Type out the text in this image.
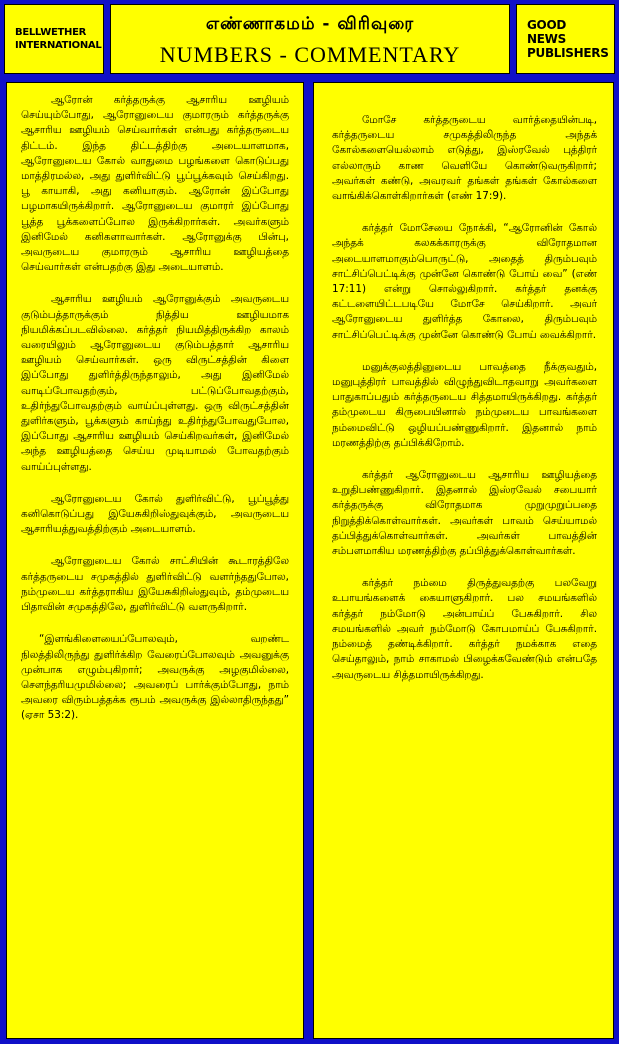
BELLWETHER
INTERNATIONAL
எண்ணாகமம் - விரிவுரை
NUMBERS - COMMENTARY
GOOD NEWS
PUBLISHERS

ஆரோன் கர்த்தருக்கு ஆசாரிய ஊழியம் செய்யும்போது, ஆரோனுடைய குமாரரும் கர்த்தருக்கு ஆசாரிய ஊழியம் செய்வார்கள் என்பது கர்த்தருடைய திட்டம். இந்த திட்டத்திற்கு அடையாளமாக, ஆரோனுடைய கோல் வாதுமை பழங்களை கொடுப்பது மாத்திரமல்ல, அது துளிர்விட்டு பூப்பூக்கவும் செய்கிறது. பூ காயாகி, அது கனியாகும். ஆரோன் இப்போது பழமாகயிருக்கிறார். ஆரோனுடைய குமாரர் இப்போது பூத்த பூக்களைப்போல இருக்கிறார்கள். அவர்களும் இனிமேல் கனிகளாவார்கள். ஆரோனுக்கு பின்பு, அவருடைய குமாரரும் ஆசாரிய ஊழியத்தை செய்வார்கள் என்பதற்கு இது அடையாளம்.

ஆசாரிய ஊழியம் ஆரோனுக்கும் அவருடைய குடும்பத்தாருக்கும் நித்திய ஊழியமாக நியமிக்கப்படவில்லை. கர்த்தர் நியமித்திருக்கிற காலம் வரையிலும் ஆரோனுடைய குடும்பத்தார் ஆசாரிய ஊழியம் செய்வார்கள். ஒரு விருட்சத்தின் கிளை இப்போது துளிர்த்திருந்தாலும், அது இனிமேல் வாடிப்போவதற்கும், பட்டுப்போவதற்கும், உதிர்ந்துபோவதற்கும் வாய்ப்புள்ளது. ஒரு விருட்சத்தின் துளிர்களும், பூக்களும் காய்ந்து உதிர்ந்துபோவதுபோல, இப்போது ஆசாரிய ஊழியம் செய்கிறவர்கள், இனிமேல் அந்த ஊழியத்தை செய்ய முடியாமல் போவதற்கும் வாய்ப்புள்ளது.

ஆரோனுடைய கோல் துளிர்விட்டு, பூப்பூத்து கனிகொடுப்பது இயேசுகிறிஸ்துவுக்கும், அவருடைய ஆசாரியத்துவத்திற்கும் அடையாளம்.

ஆரோனுடைய கோல் சாட்சியின் கூடாரத்திலே கர்த்தருடைய சமுகத்தில் துளிர்விட்டு வளர்ந்ததுபோல, நம்முடைய கர்த்தராகிய இயேசுகிறிஸ்துவும், தம்முடைய பிதாவின் சமுகத்திலே, துளிர்விட்டு வளருகிறார்.

“இளங்கிளையைப்போலவும், வறண்ட நிலத்திலிருந்து துளிர்க்கிற வேரைப்போலவும் அவனுக்கு முன்பாக எழும்புகிறார்; அவருக்கு அழகுமில்லை, சௌந்தரியமுமில்லை; அவரைப் பார்க்கும்போது, நாம் அவரை விரும்பத்தக்க ரூபம் அவருக்கு இல்லாதிருந்தது” (ஏசா 53:2).

மோசே கர்த்தருடைய வார்த்தையின்படி, கர்த்தருடைய சமுகத்திலிருந்த அந்தக் கோல்களையெல்லாம் எடுத்து, இஸ்ரவேல் புத்திரர் எல்லாரும் காண வெளியே கொண்டுவருகிறார்; அவர்கள் கண்டு, அவரவர் தங்கள் தங்கள் கோல்களை வாங்கிக்கொள்கிறார்கள் (எண் 17:9).

கர்த்தர் மோசேயை நோக்கி, “ஆரோனின் கோல் அந்தக் கலகக்காரருக்கு விரோதமான அடையாளமாகும்பொருட்டு, அதைத் திரும்பவும் சாட்சிப்பெட்டிக்கு முன்னே கொண்டு போய் வை” (எண் 17:11) என்று சொல்லுகிறார். கர்த்தர் தனக்கு கட்டளையிட்டபடியே மோசே செய்கிறார். அவர் ஆரோனுடைய துளிர்த்த கோலை, திரும்பவும் சாட்சிப்பெட்டிக்கு முன்னே கொண்டு போய் வைக்கிறார்.

மனுக்குலத்தினுடைய பாவத்தை நீக்குவதும், மனுபுத்திரர் பாவத்தில் விழுந்துவிடாதவாறு அவர்களை பாதுகாப்பதும் கர்த்தருடைய சித்தமாயிருக்கிறது. கர்த்தர் தம்முடைய கிருபையினால் நம்முடைய பாவங்களை நம்மைவிட்டு ஒழியப்பண்ணுகிறார். இதனால் நாம் மரணத்திற்கு தப்பிக்கிறோம்.

கர்த்தர் ஆரோனுடைய ஆசாரிய ஊழியத்தை உறுதிபண்ணுகிறார். இதனால் இஸ்ரவேல் சபையார் கர்த்தருக்கு விரோதமாக முறுமுறுப்பதை நிறுத்திக்கொள்வார்கள். அவர்கள் பாவம் செய்யாமல் தப்பித்துக்கொள்வார்கள். அவர்கள் பாவத்தின் சம்பளமாகிய மரணத்திற்கு தப்பித்துக்கொள்வார்கள்.

கர்த்தர் நம்மை திருத்துவதற்கு பலவேறு உபாயங்களைக் கையாளுகிறார். பல சமயங்களில் கர்த்தர் நம்மோடு அன்பாய்ப் பேசுகிறார். சில சமயங்களில் அவர் நம்மோடு கோபமாய்ப் பேசுகிறார். நம்மைத் தண்டிக்கிறார். கர்த்தர் நமக்காக எதை செய்தாலும், நாம் சாகாமல் பிழைக்கவேண்டும் என்பதே அவருடைய சித்தமாயிருக்கிறது.
